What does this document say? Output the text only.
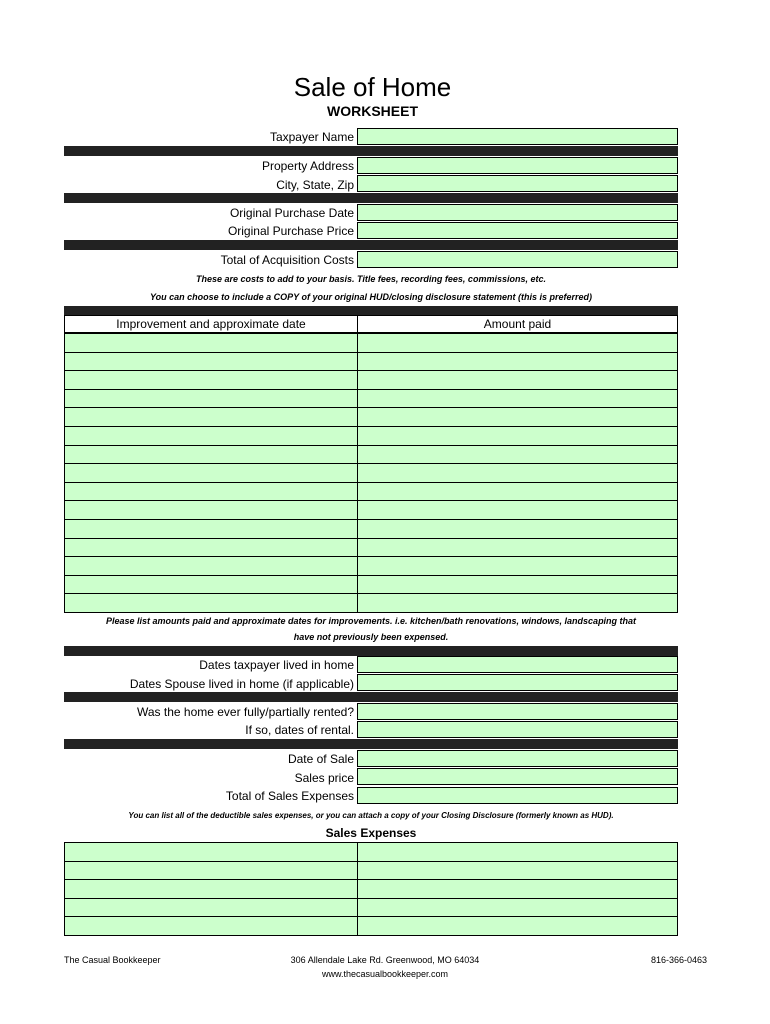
Sale of Home
WORKSHEET
Taxpayer Name
Property Address
City, State, Zip
Original Purchase Date
Original Purchase Price
Total of Acquisition Costs
These are costs to add to your basis. Title fees, recording fees, commissions, etc.
You can choose to include a COPY of your original HUD/closing disclosure statement (this is preferred)
Improvement and approximate date	Amount paid
Please list amounts paid and approximate dates for improvements. i.e. kitchen/bath renovations, windows, landscaping that
have not previously been expensed.
Dates taxpayer lived in home
Dates Spouse lived in home (if applicable)
Was the home ever fully/partially rented?
If so, dates of rental.
Date of Sale
Sales price
Total of Sales Expenses
You can list all of the deductible sales expenses, or you can attach a copy of your Closing Disclosure (formerly known as HUD).
Sales Expenses
The Casual Bookkeeper	306 Allendale Lake Rd. Greenwood, MO 64034
www.thecasualbookkeeper.com
816-366-0463
